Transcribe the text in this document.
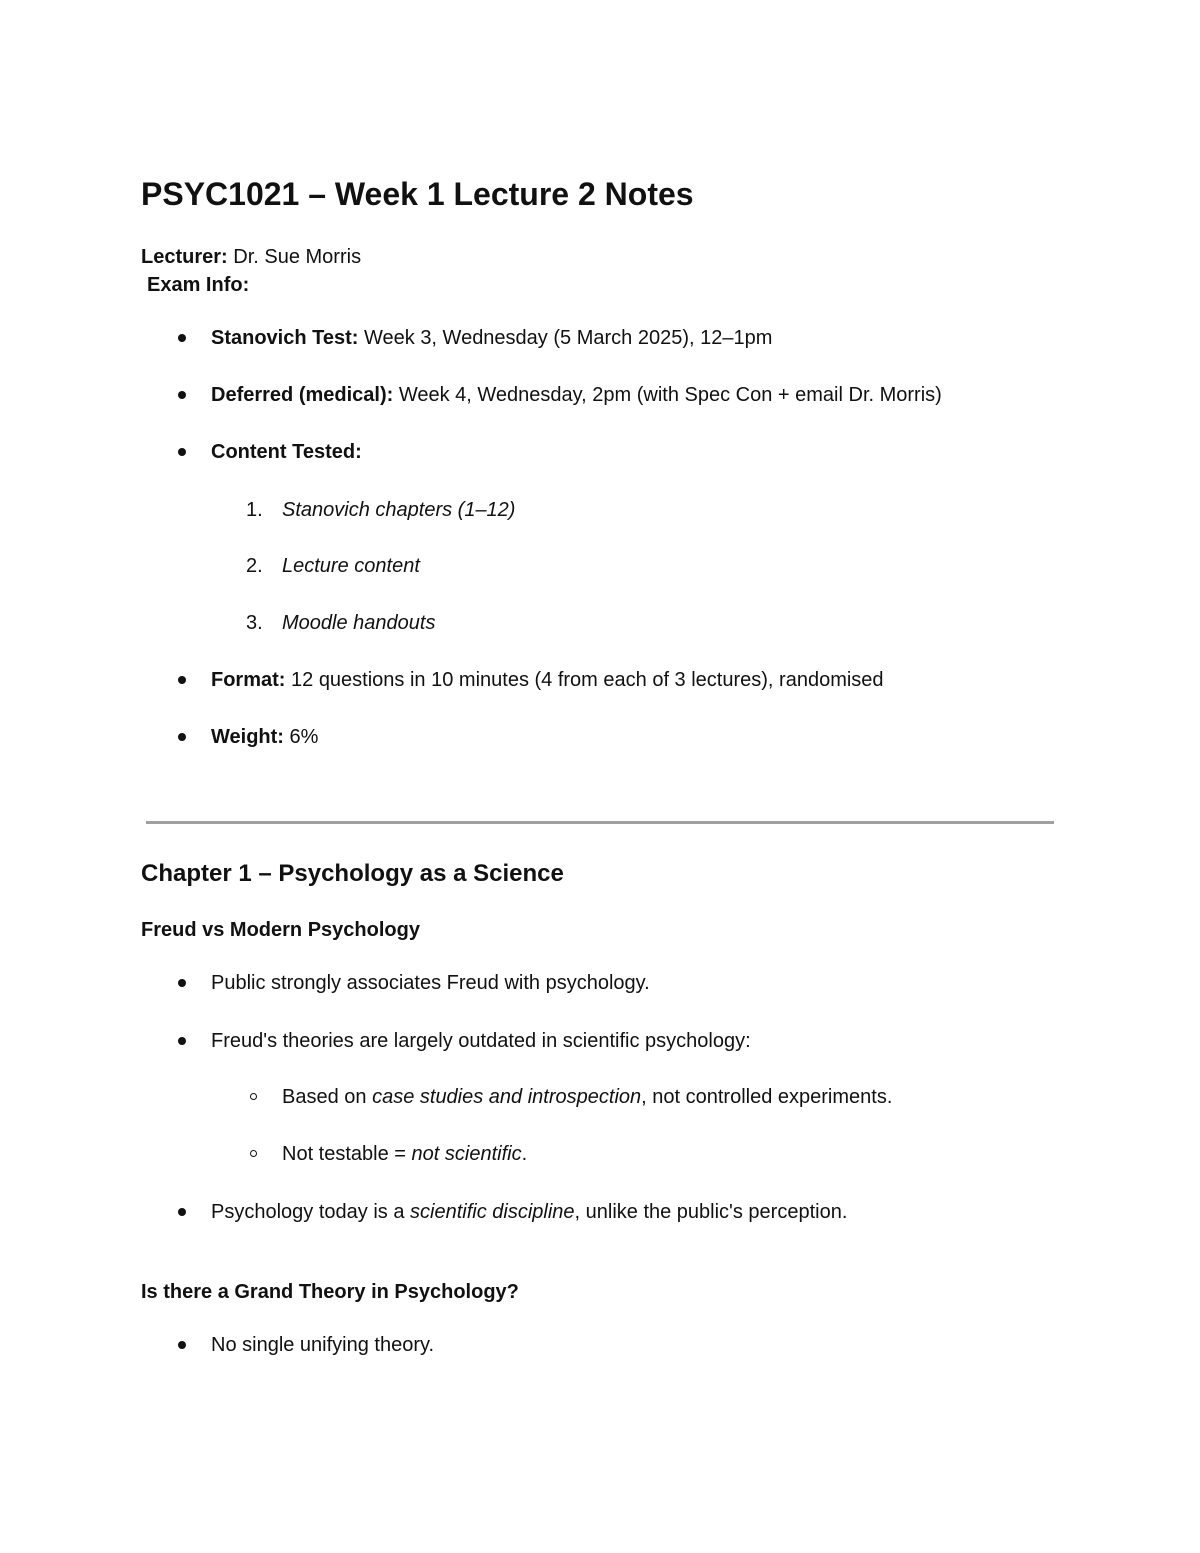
PSYC1021 – Week 1 Lecture 2 Notes
Lecturer: Dr. Sue Morris
Exam Info:
Stanovich Test: Week 3, Wednesday (5 March 2025), 12–1pm
Deferred (medical): Week 4, Wednesday, 2pm (with Spec Con + email Dr. Morris)
Content Tested:
1. Stanovich chapters (1–12)
2. Lecture content
3. Moodle handouts
Format: 12 questions in 10 minutes (4 from each of 3 lectures), randomised
Weight: 6%
Chapter 1 – Psychology as a Science
Freud vs Modern Psychology
Public strongly associates Freud with psychology.
Freud's theories are largely outdated in scientific psychology:
Based on case studies and introspection, not controlled experiments.
Not testable = not scientific.
Psychology today is a scientific discipline, unlike the public's perception.
Is there a Grand Theory in Psychology?
No single unifying theory.
